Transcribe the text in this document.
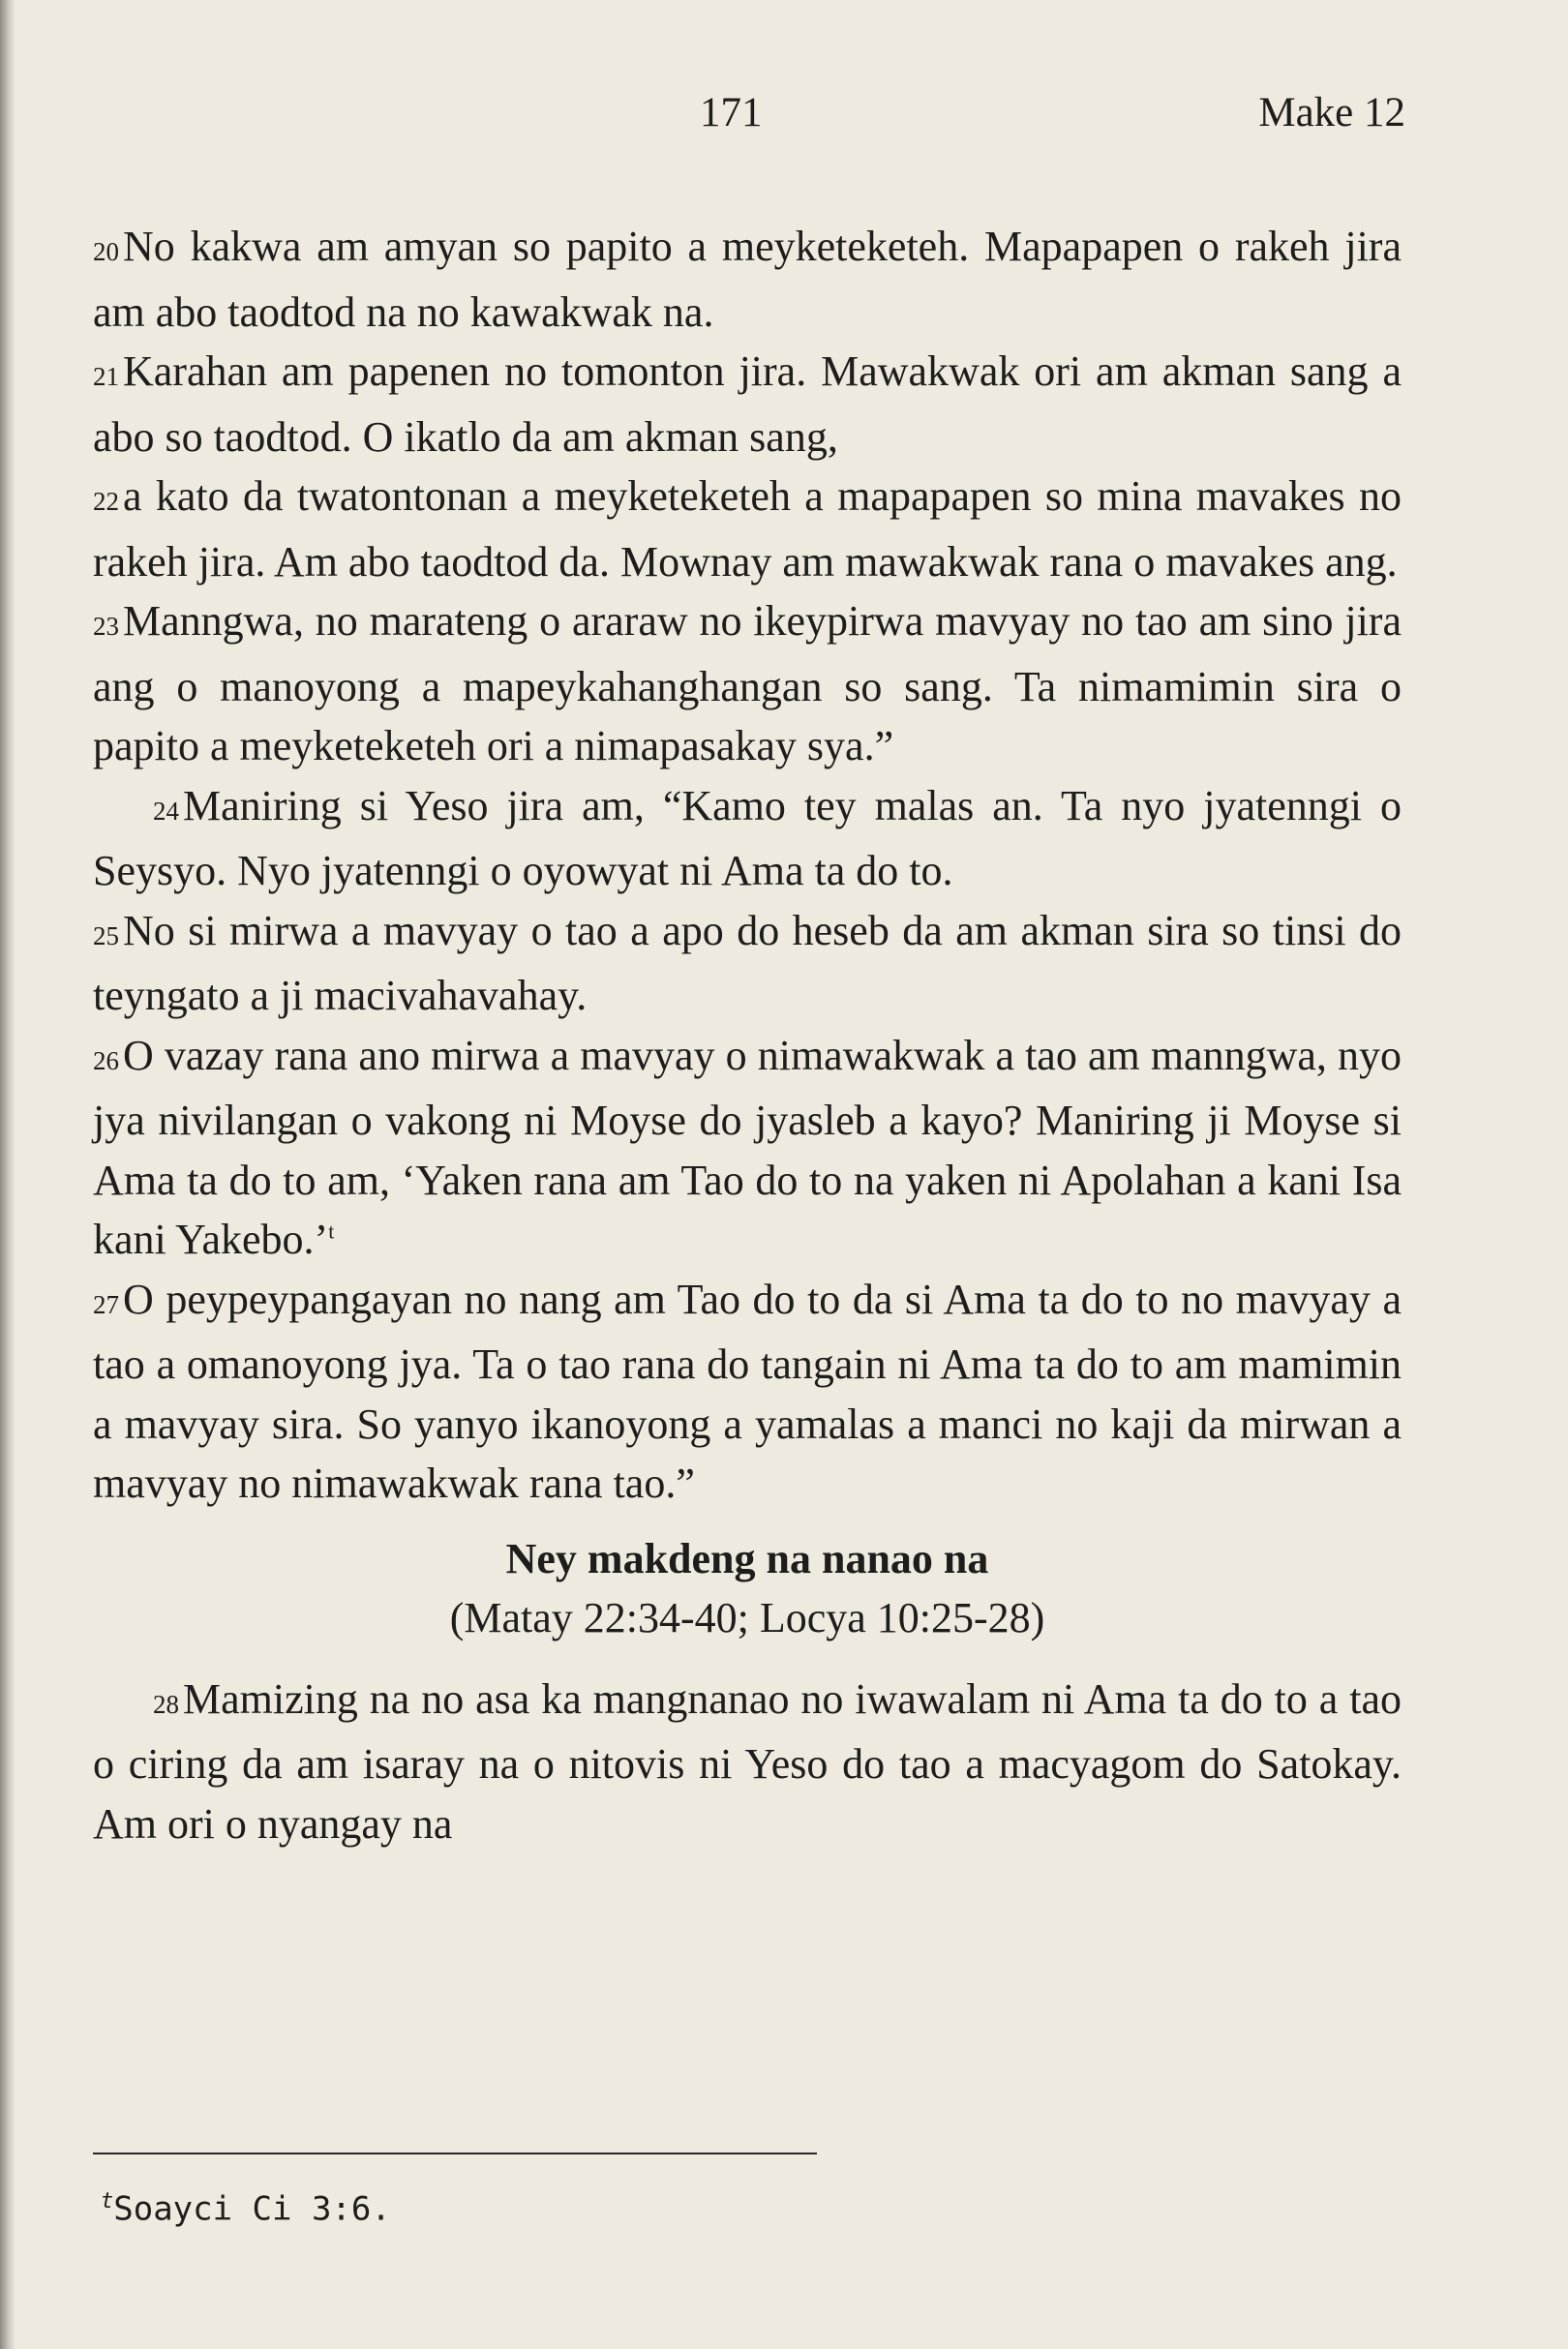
171	Make 12

20No kakwa am amyan so papito a meyketeketeh. Mapapapen o rakeh jira am abo taodtod na no kawakwak na.

21Karahan am papenen no tomonton jira. Mawakwak ori am akman sang a abo so taodtod. O ikatlo da am akman sang,

22a kato da twatontonan a meyketeketeh a mapapapen so mina mavakes no rakeh jira. Am abo taodtod da. Mownay am mawakwak rana o mavakes ang.

23Manngwa, no marateng o araraw no ikeypirwa mavyay no tao am sino jira ang o manoyong a mapeykahanghangan so sang. Ta nimamimin sira o papito a meyketeketeh ori a nimapasakay sya.”

24Maniring si Yeso jira am, “Kamo tey malas an. Ta nyo jyatenngi o Seysyo. Nyo jyatenngi o oyowyat ni Ama ta do to.

25No si mirwa a mavyay o tao a apo do heseb da am akman sira so tinsi do teyngato a ji macivahavahay.

26O vazay rana ano mirwa a mavyay o nimawakwak a tao am manngwa, nyo jya nivilangan o vakong ni Moyse do jyasleb a kayo? Maniring ji Moyse si Ama ta do to am, ‘Yaken rana am Tao do to na yaken ni Apolahan a kani Isa kani Yakebo.’$^t$

27O peypeypangayan no nang am Tao do to da si Ama ta do to no mavyay a tao a omanoyong jya. Ta o tao rana do tangain ni Ama ta do to am mamimin a mavyay sira. So yanyo ikanoyong a yamalas a manci no kaji da mirwan a mavyay no nimawakwak rana tao.”

Ney makdeng na nanao na
(Matay 22:34-40; Locya 10:25-28)

28Mamizing na no asa ka mangnanao no iwawalam ni Ama ta do to a tao o ciring da am isaray na o nitovis ni Yeso do tao a macyagom do Satokay. Am ori o nyangay na

$^t$Soayci Ci 3:6.
